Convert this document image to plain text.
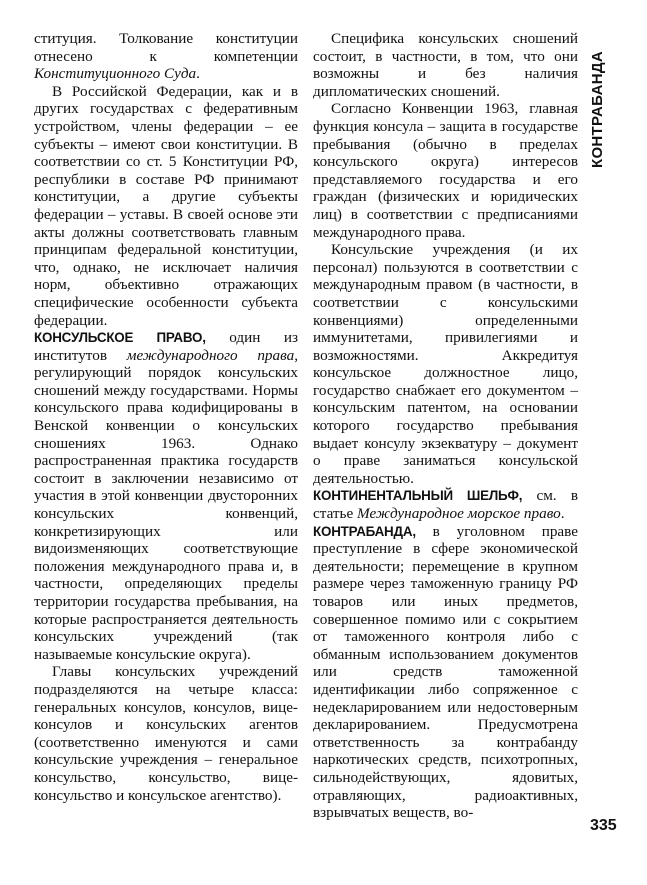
ституция. Толкование конституции отнесено к компетенции Конституционного Суда.

В Российской Федерации, как и в других государствах с федеративным устройством, члены федерации – ее субъекты – имеют свои конституции. В соответствии со ст. 5 Конституции РФ, республики в составе РФ принимают конституции, а другие субъекты федерации – уставы. В своей основе эти акты должны соответствовать главным принципам федеральной конституции, что, однако, не исключает наличия норм, объективно отражающих специфические особенности субъекта федерации.

КОНСУЛЬСКОЕ ПРАВО, один из институтов международного права, регулирующий порядок консульских сношений между государствами. Нормы консульского права кодифицированы в Венской конвенции о консульских сношениях 1963. Однако распространенная практика государств состоит в заключении независимо от участия в этой конвенции двусторонних консульских конвенций, конкретизирующих или видоизменяющих соответствующие положения международного права и, в частности, определяющих пределы территории государства пребывания, на которые распространяется деятельность консульских учреждений (так называемые консульские округа).

Главы консульских учреждений подразделяются на четыре класса: генеральных консулов, консулов, вице-консулов и консульских агентов (соответственно именуются и сами консульские учреждения – генеральное консульство, консульство, вице-консульство и консульское агентство).

Специфика консульских сношений состоит, в частности, в том, что они возможны и без наличия дипломатических сношений.

Согласно Конвенции 1963, главная функция консула – защита в государстве пребывания (обычно в пределах консульского округа) интересов представляемого государства и его граждан (физических и юридических лиц) в соответствии с предписаниями международного права.

Консульские учреждения (и их персонал) пользуются в соответствии с международным правом (в частности, в соответствии с консульскими конвенциями) определенными иммунитетами, привилегиями и возможностями. Аккредитуя консульское должностное лицо, государство снабжает его документом – консульским патентом, на основании которого государство пребывания выдает консулу экзекватуру – документ о праве заниматься консульской деятельностью.

КОНТИНЕНТАЛЬНЫЙ ШЕЛЬФ, см. в статье Международное морское право.

КОНТРАБАНДА, в уголовном праве преступление в сфере экономической деятельности; перемещение в крупном размере через таможенную границу РФ товаров или иных предметов, совершенное помимо или с сокрытием от таможенного контроля либо с обманным использованием документов или средств таможенной идентификации либо сопряженное с недекларированием или недостоверным декларированием. Предусмотрена ответственность за контрабанду наркотических средств, психотропных, сильнодействующих, ядовитых, отравляющих, радиоактивных, взрывчатых веществ, во-

КОНТРАБАНДА
335
